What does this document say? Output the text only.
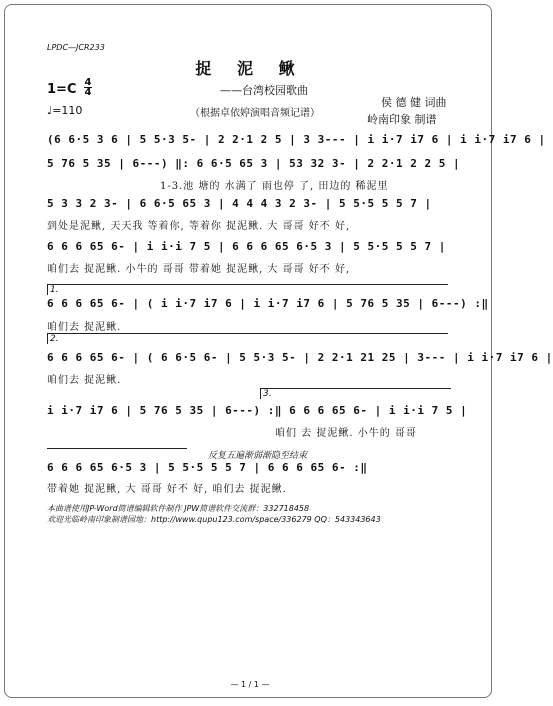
LPDC—JCR233
捉 泥 鳅
——台湾校园歌曲
（根据卓依婷演唱音频记谱）
1=C 4
4
♩=110
侯 德 健 词曲
岭南印象 制谱
(6 6·5 3 6 | 5 5·3 5- | 2 2·1 2 5 | 3 3--- | i i·7 i7 6 | i i·7 i7 6 |
5 76 5 35 | 6---) ‖: 6 6·5 65 3 | 53 32 3- | 2 2·1 2 2 5 |
1-3.池 塘的 水满了 雨也停 了, 田边的 稀泥里
5 3 3 2 3- | 6 6·5 65 3 | 4 4 4 3 2 3- | 5 5·5 5 5 7 |
到处是泥鳅, 天天我 等着你, 等着你 捉泥鳅. 大 哥哥 好不 好,
6 6 6 65 6- | i i·i 7 5 | 6 6 6 65 6·5 3 | 5 5·5 5 5 7 |
咱们去 捉泥鳅. 小牛的 哥哥 带着她 捉泥鳅, 大 哥哥 好不 好,
1.
6 6 6 65 6- | ( i i·7 i7 6 | i i·7 i7 6 | 5 76 5 35 | 6---) :‖
咱们去 捉泥鳅.
2.
6 6 6 65 6- | ( 6 6·5 6- | 5 5·3 5- | 2 2·1 21 25 | 3--- | i i·7 i7 6 |
咱们去 捉泥鳅.
3.
i i·7 i7 6 | 5 76 5 35 | 6---) :‖ 6 6 6 65 6- | i i·i 7 5 |
咱们 去 捉泥鳅. 小牛的 哥哥
反复五遍渐弱渐隐至结束
6 6 6 65 6·5 3 | 5 5·5 5 5 7 | 6 6 6 65 6- :‖
带着她 捉泥鳅, 大 哥哥 好不 好, 咱们去 捉泥鳅.
本曲谱使用JP-Word简谱编辑软件制作 JPW简谱软件交流群：332718458
欢迎光临岭南印象制谱园地：http://www.qupu123.com/space/336279 QQ：543343643
— 1 / 1 —
